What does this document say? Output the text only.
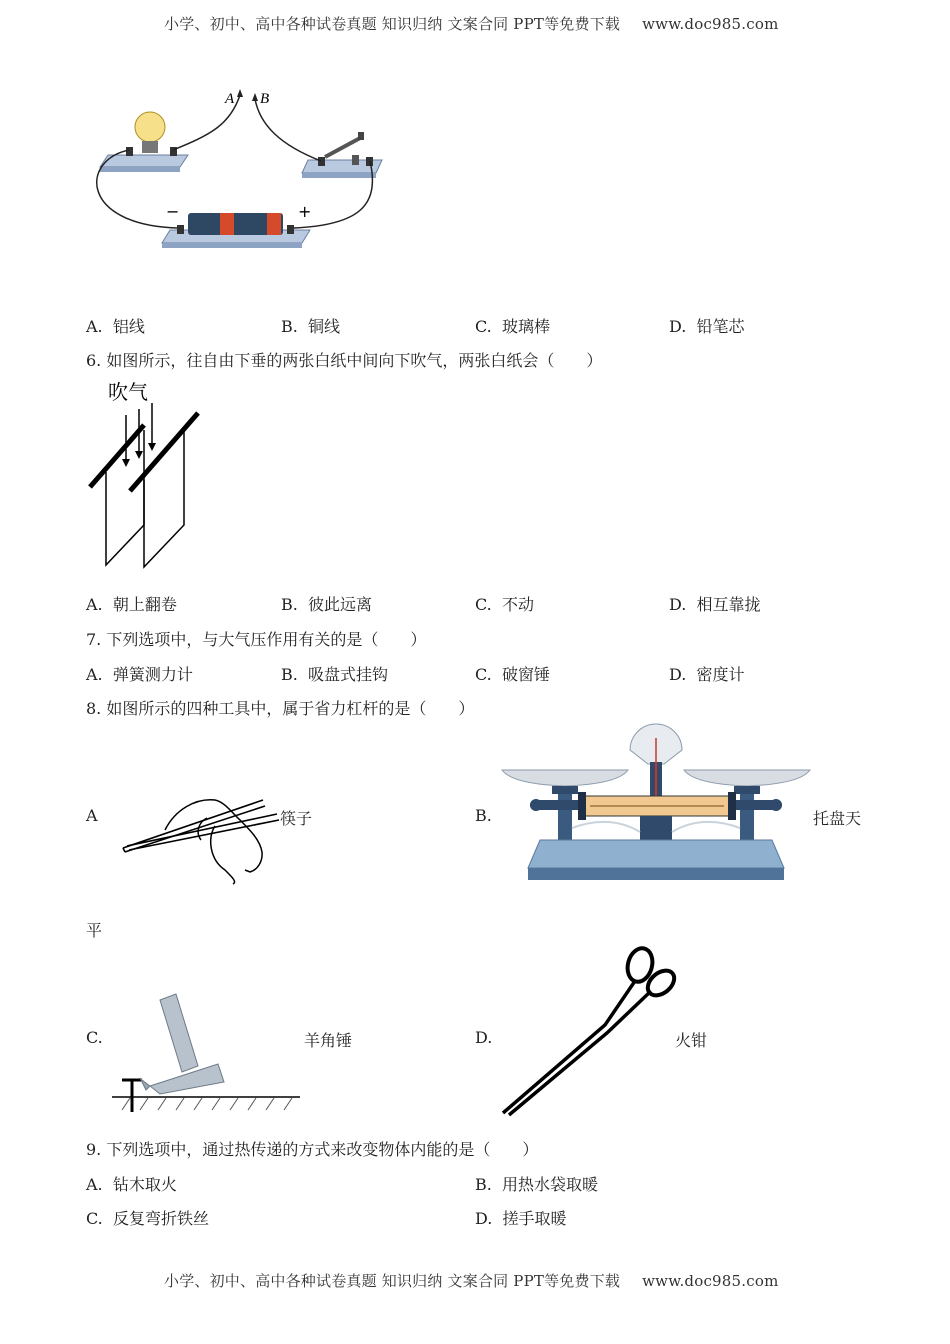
小学、初中、高中各种试卷真题 知识归纳 文案合同 PPT等免费下载 www.doc985.com
A B
−	+
A. 铝线	B. 铜线	C. 玻璃棒	D. 铅笔芯
6. 如图所示，往自由下垂的两张白纸中间向下吹气，两张白纸会（　　）
吹气
A. 朝上翻卷	B. 彼此远离	C. 不动	D. 相互靠拢
7. 下列选项中，与大气压作用有关的是（　　）
A. 弹簧测力计	B. 吸盘式挂钩	C. 破窗锤	D. 密度计
8. 如图所示的四种工具中，属于省力杠杆的是（　　）
A	筷子	B.	托盘天
平
C.	羊角锤	D.	火钳
9. 下列选项中，通过热传递的方式来改变物体内能的是（　　）
A. 钻木取火	B. 用热水袋取暖
C. 反复弯折铁丝	D. 搓手取暖
小学、初中、高中各种试卷真题 知识归纳 文案合同 PPT等免费下载 www.doc985.com
